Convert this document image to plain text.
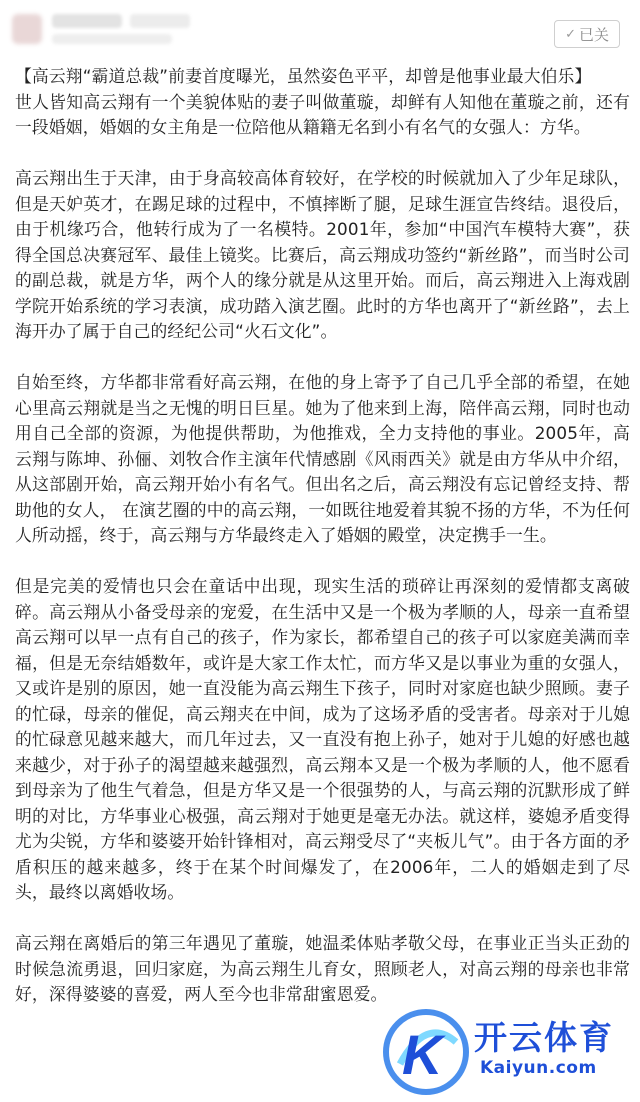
✓ 已关

【高云翔“霸道总裁”前妻首度曝光，虽然姿色平平，却曾是他事业最大伯乐】

世人皆知高云翔有一个美貌体贴的妻子叫做董璇，却鲜有人知他在董璇之前，还有一段婚姻，婚姻的女主角是一位陪他从籍籍无名到小有名气的女强人：方华。

高云翔出生于天津，由于身高较高体育较好，在学校的时候就加入了少年足球队，但是天妒英才，在踢足球的过程中，不慎摔断了腿，足球生涯宣告终结。退役后，由于机缘巧合，他转行成为了一名模特。2001年，参加“中国汽车模特大赛”，获得全国总决赛冠军、最佳上镜奖。比赛后，高云翔成功签约“新丝路”，而当时公司的副总裁，就是方华，两个人的缘分就是从这里开始。而后，高云翔进入上海戏剧学院开始系统的学习表演，成功踏入演艺圈。此时的方华也离开了“新丝路”，去上海开办了属于自己的经纪公司“火石文化”。

自始至终，方华都非常看好高云翔，在他的身上寄予了自己几乎全部的希望，在她心里高云翔就是当之无愧的明日巨星。她为了他来到上海，陪伴高云翔，同时也动用自己全部的资源，为他提供帮助，为他推戏，全力支持他的事业。2005年，高云翔与陈坤、孙俪、刘牧合作主演年代情感剧《风雨西关》就是由方华从中介绍，从这部剧开始，高云翔开始小有名气。但出名之后，高云翔没有忘记曾经支持、帮助他的女人， 在演艺圈的中的高云翔，一如既往地爱着其貌不扬的方华，不为任何人所动摇，终于，高云翔与方华最终走入了婚姻的殿堂，决定携手一生。

但是完美的爱情也只会在童话中出现，现实生活的琐碎让再深刻的爱情都支离破碎。高云翔从小备受母亲的宠爱，在生活中又是一个极为孝顺的人，母亲一直希望高云翔可以早一点有自己的孩子，作为家长，都希望自己的孩子可以家庭美满而幸福，但是无奈结婚数年，或许是大家工作太忙，而方华又是以事业为重的女强人，又或许是别的原因，她一直没能为高云翔生下孩子，同时对家庭也缺少照顾。妻子的忙碌，母亲的催促，高云翔夹在中间，成为了这场矛盾的受害者。母亲对于儿媳的忙碌意见越来越大，而几年过去，又一直没有抱上孙子，她对于儿媳的好感也越来越少，对于孙子的渴望越来越强烈，高云翔本又是一个极为孝顺的人，他不愿看到母亲为了他生气着急，但是方华又是一个很强势的人，与高云翔的沉默形成了鲜明的对比，方华事业心极强，高云翔对于她更是毫无办法。就这样，婆媳矛盾变得尤为尖锐，方华和婆婆开始针锋相对，高云翔受尽了“夹板儿气”。由于各方面的矛盾积压的越来越多，终于在某个时间爆发了，在2006年，二人的婚姻走到了尽头，最终以离婚收场。

高云翔在离婚后的第三年遇见了董璇，她温柔体贴孝敬父母，在事业正当头正劲的时候急流勇退，回归家庭，为高云翔生儿育女，照顾老人，对高云翔的母亲也非常好，深得婆婆的喜爱，两人至今也非常甜蜜恩爱。

K 开云体育
Kaiyun.com
